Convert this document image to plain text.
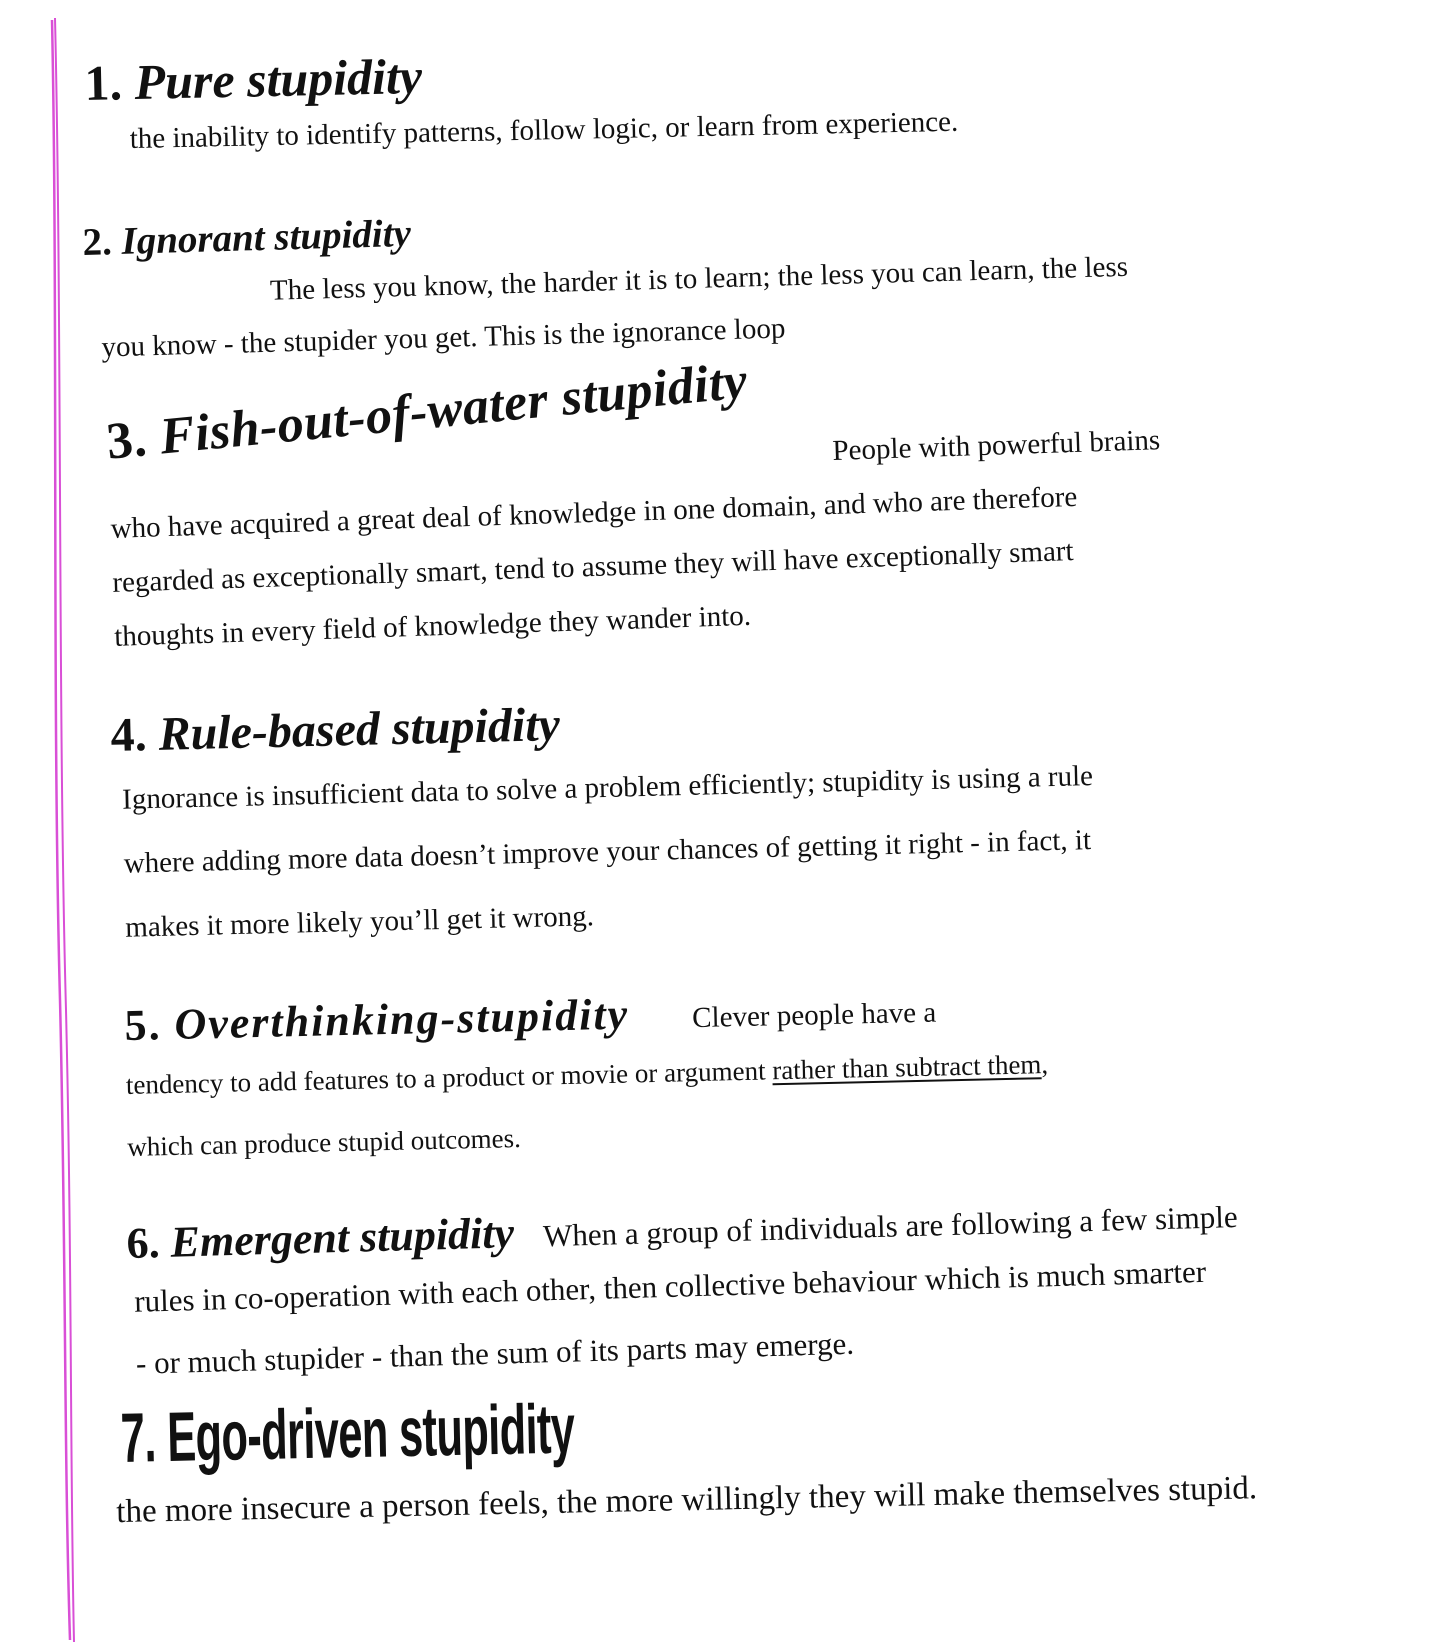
1. Pure stupidity
the inability to identify patterns, follow logic, or learn from experience.
2. Ignorant stupidity
The less you know, the harder it is to learn; the less you can learn, the less
you know - the stupider you get. This is the ignorance loop
3. Fish-out-of-water stupidity	People with powerful brains
who have acquired a great deal of knowledge in one domain, and who are therefore
regarded as exceptionally smart, tend to assume they will have exceptionally smart
thoughts in every field of knowledge they wander into.
4. Rule-based stupidity
Ignorance is insufficient data to solve a problem efficiently; stupidity is using a rule
where adding more data doesn’t improve your chances of getting it right - in fact, it
makes it more likely you’ll get it wrong.
5. Overthinking-stupidity Clever people have a
tendency to add features to a product or movie or argument rather than subtract them,
which can produce stupid outcomes.
6. Emergent stupidity When a group of individuals are following a few simple
rules in co-operation with each other, then collective behaviour which is much smarter
- or much stupider - than the sum of its parts may emerge.
7. Ego-driven stupidity
the more insecure a person feels, the more willingly they will make themselves stupid.
